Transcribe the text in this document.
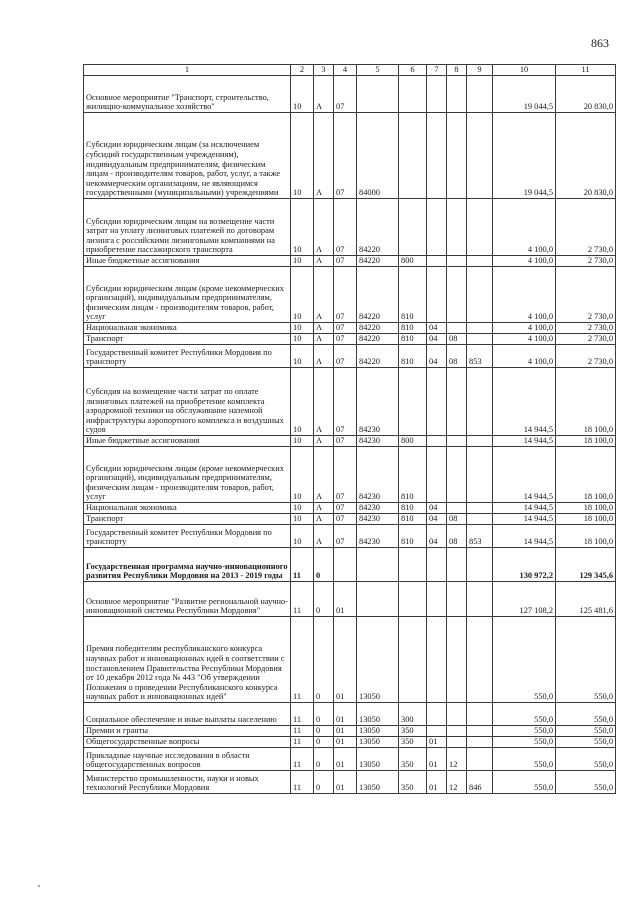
863
1	2	3	4	5	6	7	8	9	10	11
Основное мероприятие "Транспорт, строительство, жилищно-коммунальное хозяйство"	10	А	07						19 044,5	20 830,0
Субсидии юридическим лицам (за исключением субсидий государственным учреждениям), индивидуальным предпринимателям, физическим лицам - производителям товаров, работ, услуг, а также некоммерческим организациям, не являющимся государственными (муниципальными) учреждениями	10	А	07	84000					19 044,5	20 830,0
Субсидии юридическим лицам на возмещение части затрат на уплату лизинговых платежей по договорам лизинга с российскими лизинговыми компаниями на приобретение пассажирского транспорта	10	А	07	84220					4 100,0	2 730,0
Иные бюджетные ассигнования	10	А	07	84220	800				4 100,0	2 730,0
Субсидии юридическим лицам (кроме некоммерческих организаций), индивидуальным предпринимателям, физическим лицам - производителям товаров, работ, услуг	10	А	07	84220	810				4 100,0	2 730,0
Национальная экономика	10	А	07	84220	810	04			4 100,0	2 730,0
Транспорт	10	А	07	84220	810	04	08		4 100,0	2 730,0
Государственный комитет Республики Мордовия по транспорту	10	А	07	84220	810	04	08	853	4 100,0	2 730,0
Субсидия на возмещение части затрат по оплате лизинговых платежей на приобретение комплекта аэродромной техники на обслуживание наземной инфраструктуры аэропортного комплекса и воздушных судов	10	А	07	84230					14 944,5	18 100,0
Иные бюджетные ассигнования	10	А	07	84230	800				14 944,5	18 100,0
Субсидии юридическим лицам (кроме некоммерческих организаций), индивидуальным предпринимателям, физическим лицам - производителям товаров, работ, услуг	10	А	07	84230	810				14 944,5	18 100,0
Национальная экономика	10	А	07	84230	810	04			14 944,5	18 100,0
Транспорт	10	А	07	84230	810	04	08		14 944,5	18 100,0
Государственный комитет Республики Мордовия по транспорту	10	А	07	84230	810	04	08	853	14 944,5	18 100,0
Государственная программа научно-инновационного развития Республики Мордовия на 2013 - 2019 годы	11	0							130 972,2	129 345,6
Основное мероприятие "Развитие региональной научно-инновационной системы Республики Мордовия"	11	0	01						127 108,2	125 481,6
Премия победителям республиканского конкурса научных работ и инновационных идей в соответствии с постановлением Правительства Республики Мордовия от 10 декабря 2012 года № 443 "Об утверждении Положения о проведении Республиканского конкурса научных работ и инновационных идей"	11	0	01	13050					550,0	550,0
Социальное обеспечение и иные выплаты населению	11	0	01	13050	300				550,0	550,0
Премии и гранты	11	0	01	13050	350				550,0	550,0
Общегосударственные вопросы	11	0	01	13050	350	01			550,0	550,0
Прикладные научные исследования в области общегосударственных вопросов	11	0	01	13050	350	01	12		550,0	550,0
Министерство промышленности, науки и новых технологий Республики Мордовия	11	0	01	13050	350	01	12	846	550,0	550,0
